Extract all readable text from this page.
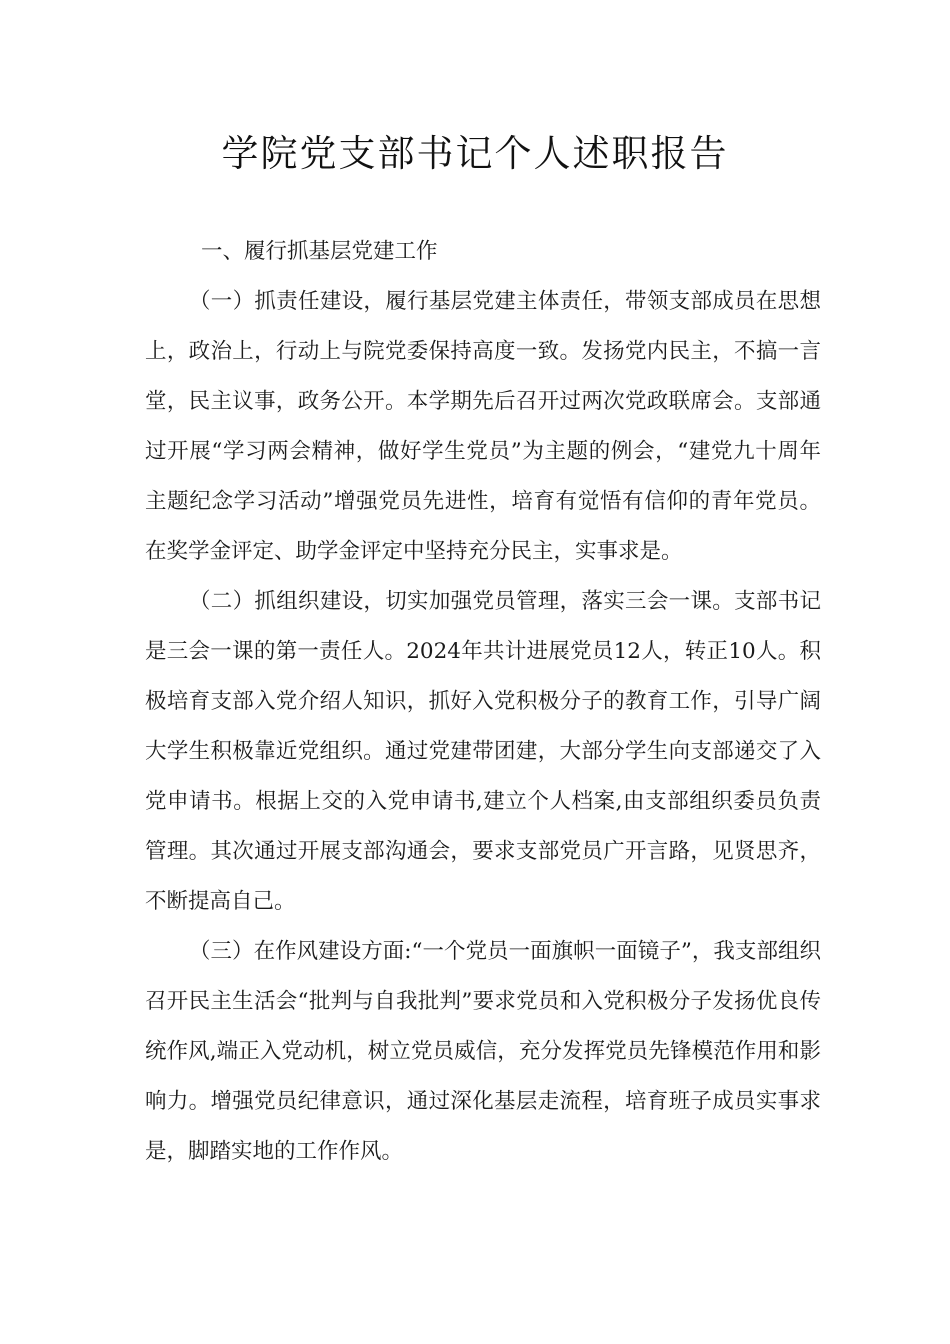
学院党支部书记个人述职报告

一、履行抓基层党建工作

（一）抓责任建设，履行基层党建主体责任，带领支部成员在思想上，政治上，行动上与院党委保持高度一致。发扬党内民主，不搞一言堂，民主议事，政务公开。本学期先后召开过两次党政联席会。支部通过开展“学习两会精神，做好学生党员”为主题的例会，“建党九十周年主题纪念学习活动”增强党员先进性，培育有觉悟有信仰的青年党员。在奖学金评定、助学金评定中坚持充分民主，实事求是。

（二）抓组织建设，切实加强党员管理，落实三会一课。支部书记是三会一课的第一责任人。2024年共计进展党员12人，转正10人。积极培育支部入党介绍人知识，抓好入党积极分子的教育工作，引导广阔大学生积极靠近党组织。通过党建带团建，大部分学生向支部递交了入党申请书。根据上交的入党申请书,建立个人档案,由支部组织委员负责管理。其次通过开展支部沟通会，要求支部党员广开言路，见贤思齐，不断提高自己。

（三）在作风建设方面:“一个党员一面旗帜一面镜子”，我支部组织召开民主生活会“批判与自我批判”要求党员和入党积极分子发扬优良传统作风,端正入党动机，树立党员威信，充分发挥党员先锋模范作用和影响力。增强党员纪律意识，通过深化基层走流程，培育班子成员实事求是，脚踏实地的工作作风。
